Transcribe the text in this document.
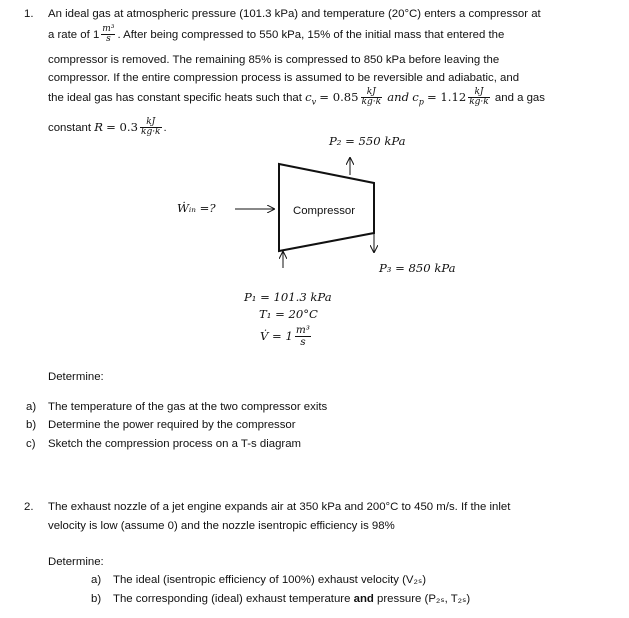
1. An ideal gas at atmospheric pressure (101.3 kPa) and temperature (20°C) enters a compressor at
a rate of $1 \frac{\text{m³}}{s}$ . After being compressed to 550 kPa, 15% of the initial mass that entered the
compressor is removed. The remaining 85% is compressed to 850 kPa before leaving the
compressor. If the entire compression process is assumed to be reversible and adiabatic, and
the ideal gas has constant specific heats such that $c_v = 0.85 \frac{kJ}{kg\cdot k}$ and $c_p = 1.12 \frac{kJ}{kg\cdot k}$ and a gas
constant $R = 0.3 \frac{kJ}{kg\cdot k}$ .
P₂ = 550 kPa
Ẇᵢₙ =?	Compressor
P₃ = 850 kPa
P₁ = 101.3 kPa
T₁ = 20°C
V̇ = $1 \frac{\text{m³}}{s}$
Determine:
a) The temperature of the gas at the two compressor exits
b) Determine the power required by the compressor
c) Sketch the compression process on a T-s diagram
2. The exhaust nozzle of a jet engine expands air at 350 kPa and 200°C to 450 m/s. If the inlet
velocity is low (assume 0) and the nozzle isentropic efficiency is 98%
Determine:
a) The ideal (isentropic efficiency of 100%) exhaust velocity (V₂ₛ)
b) The corresponding (ideal) exhaust temperature and pressure (P₂ₛ, T₂ₛ)
